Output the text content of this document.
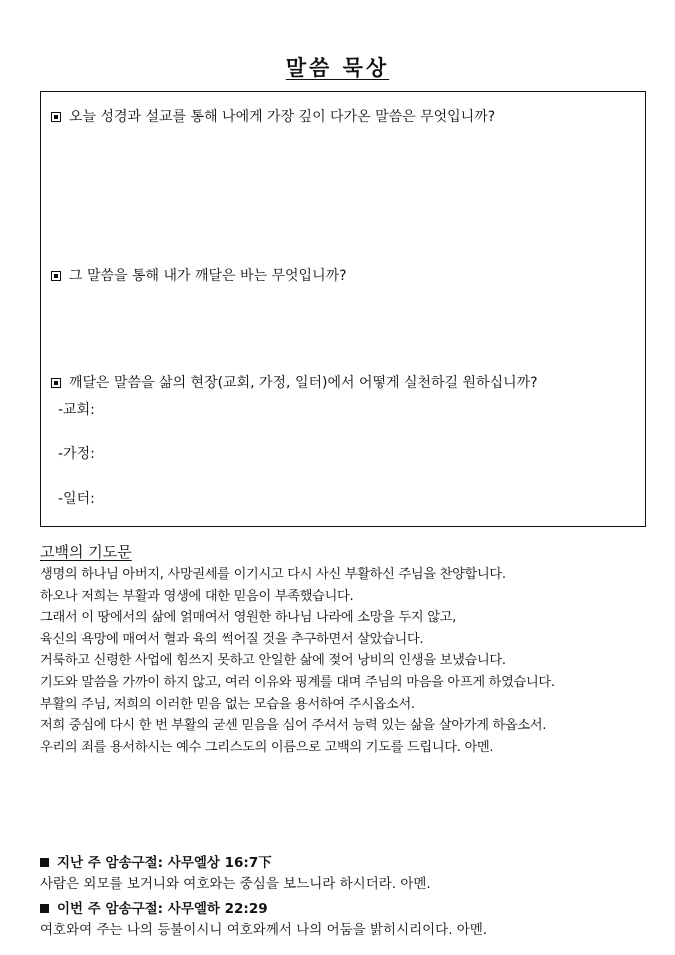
말씀 묵상
오늘 성경과 설교를 통해 나에게 가장 깊이 다가온 말씀은 무엇입니까?
그 말씀을 통해 내가 깨달은 바는 무엇입니까?
깨달은 말씀을 삶의 현장(교회, 가정, 일터)에서 어떻게 실천하길 원하십니까?
-교회:
-가정:
-일터:
고백의 기도문
생명의 하나님 아버지, 사망권세를 이기시고 다시 사신 부활하신 주님을 찬양합니다.
하오나 저희는 부활과 영생에 대한 믿음이 부족했습니다.
그래서 이 땅에서의 삶에 얽매여서 영원한 하나님 나라에 소망을 두지 않고,
육신의 욕망에 매여서 혈과 육의 썩어질 것을 추구하면서 살았습니다.
거룩하고 신령한 사업에 힘쓰지 못하고 안일한 삶에 젖어 낭비의 인생을 보냈습니다.
기도와 말씀을 가까이 하지 않고, 여러 이유와 핑계를 대며 주님의 마음을 아프게 하였습니다.
부활의 주님, 저희의 이러한 믿음 없는 모습을 용서하여 주시옵소서.
저희 중심에 다시 한 번 부활의 굳센 믿음을 심어 주셔서 능력 있는 삶을 살아가게 하옵소서.
우리의 죄를 용서하시는 예수 그리스도의 이름으로 고백의 기도를 드립니다. 아멘.
지난 주 암송구절: 사무엘상 16:7下
사람은 외모를 보거니와 여호와는 중심을 보느니라 하시더라. 아멘.
이번 주 암송구절: 사무엘하 22:29
여호와여 주는 나의 등불이시니 여호와께서 나의 어둠을 밝히시리이다. 아멘.
